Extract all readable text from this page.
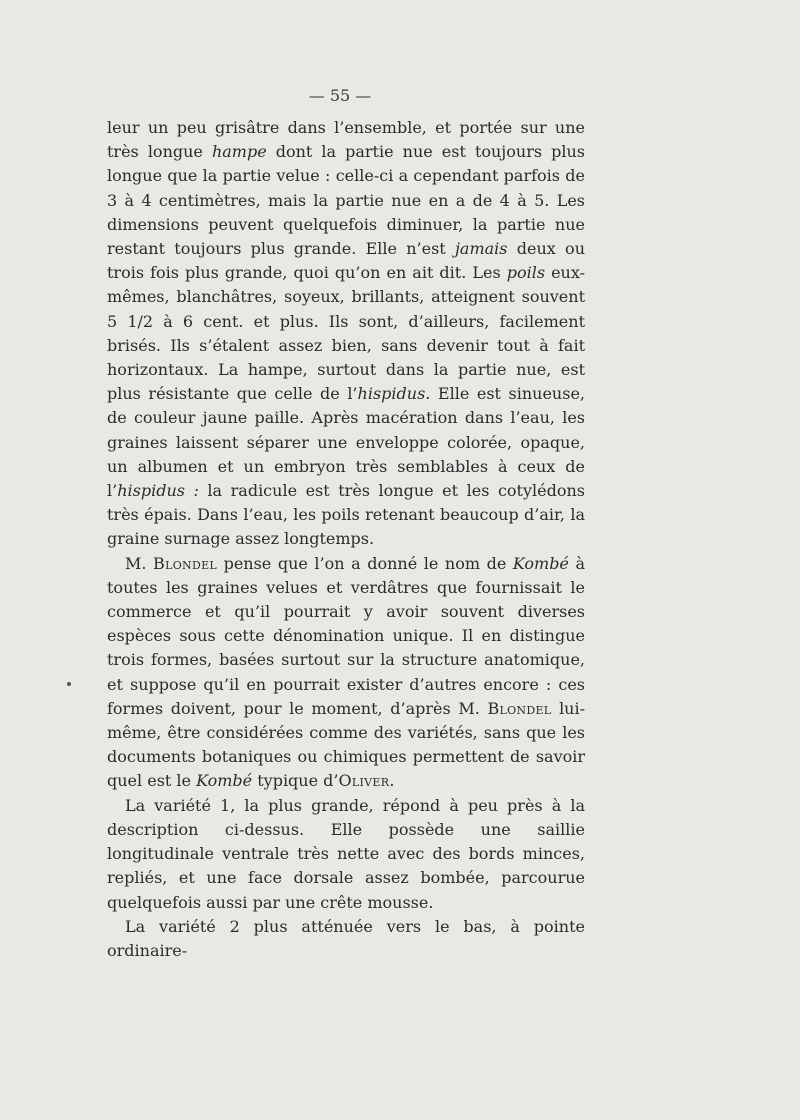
— 55 —

leur un peu grisâtre dans l’ensemble, et portée sur une très longue hampe dont la partie nue est toujours plus longue que la partie velue : celle-ci a cependant parfois de 3 à 4 centimètres, mais la partie nue en a de 4 à 5. Les dimensions peuvent quelquefois diminuer, la partie nue restant toujours plus grande. Elle n’est jamais deux ou trois fois plus grande, quoi qu’on en ait dit. Les poils eux-mêmes, blanchâtres, soyeux, brillants, atteignent souvent 5 1/2 à 6 cent. et plus. Ils sont, d’ailleurs, facilement brisés. Ils s’étalent assez bien, sans devenir tout à fait horizontaux. La hampe, surtout dans la partie nue, est plus résistante que celle de l’hispidus. Elle est sinueuse, de couleur jaune paille. Après macération dans l’eau, les graines laissent séparer une enveloppe colorée, opaque, un albumen et un embryon très semblables à ceux de l’hispidus : la radicule est très longue et les cotylédons très épais. Dans l’eau, les poils retenant beaucoup d’air, la graine surnage assez longtemps.

M. Blondel pense que l’on a donné le nom de Kombé à toutes les graines velues et verdâtres que fournissait le commerce et qu’il pourrait y avoir souvent diverses espèces sous cette dénomination unique. Il en distingue trois formes, basées surtout sur la structure anatomique, et suppose qu’il en pourrait exister d’autres encore : ces formes doivent, pour le moment, d’après M. Blondel lui-même, être considérées comme des variétés, sans que les documents botaniques ou chimiques permettent de savoir quel est le Kombé typique d’Oliver.

La variété 1, la plus grande, répond à peu près à la description ci-dessus. Elle possède une saillie longitudinale ventrale très nette avec des bords minces, repliés, et une face dorsale assez bombée, parcourue quelquefois aussi par une crête mousse.

La variété 2 plus atténuée vers le bas, à pointe ordinaire-
